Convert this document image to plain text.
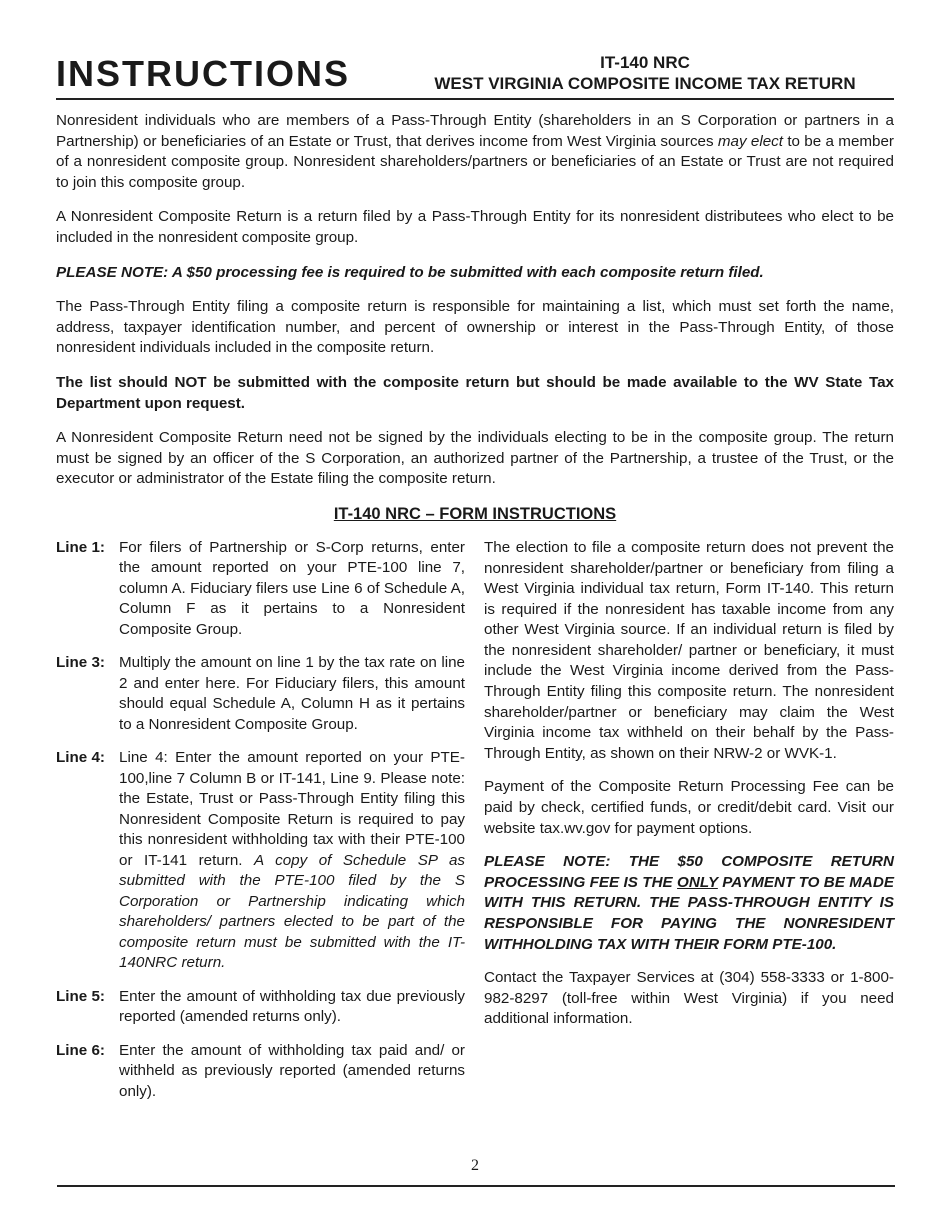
INSTRUCTIONS	IT-140 NRC
WEST VIRGINIA COMPOSITE INCOME TAX RETURN

Nonresident individuals who are members of a Pass-Through Entity (shareholders in an S Corporation or partners in a Partnership) or beneficiaries of an Estate or Trust, that derives income from West Virginia sources may elect to be a member of a nonresident composite group. Nonresident shareholders/partners or beneficiaries of an Estate or Trust are not required to join this composite group.

A Nonresident Composite Return is a return filed by a Pass-Through Entity for its nonresident distributees who elect to be included in the nonresident composite group.

PLEASE NOTE: A $50 processing fee is required to be submitted with each composite return filed.

The Pass-Through Entity filing a composite return is responsible for maintaining a list, which must set forth the name, address, taxpayer identification number, and percent of ownership or interest in the Pass-Through Entity, of those nonresident individuals included in the composite return.

The list should NOT be submitted with the composite return but should be made available to the WV State Tax Department upon request.

A Nonresident Composite Return need not be signed by the individuals electing to be in the composite group. The return must be signed by an officer of the S Corporation, an authorized partner of the Partnership, a trustee of the Trust, or the executor or administrator of the Estate filing the composite return.

IT-140 NRC – FORM INSTRUCTIONS
Line 1: For filers of Partnership or S-Corp returns, enter the amount reported on your PTE-100 line 7, column A. Fiduciary filers use Line 6 of Schedule A, Column F as it pertains to a Nonresident Composite Group.
Line 3: Multiply the amount on line 1 by the tax rate on line 2 and enter here. For Fiduciary filers, this amount should equal Schedule A, Column H as it pertains to a Nonresident Composite Group.
Line 4: Line 4: Enter the amount reported on your PTE-100,line 7 Column B or IT-141, Line 9. Please note: the Estate, Trust or Pass-Through Entity filing this Nonresident Composite Return is required to pay this nonresident withholding tax with their PTE-100 or IT-141 return. A copy of Schedule SP as submitted with the PTE-100 filed by the S Corporation or Partnership indicating which shareholders/ partners elected to be part of the composite return must be submitted with the IT-140NRC return.
Line 5: Enter the amount of withholding tax due previously reported (amended returns only).
Line 6: Enter the amount of withholding tax paid and/ or withheld as previously reported (amended returns only).

The election to file a composite return does not prevent the nonresident shareholder/partner or beneficiary from filing a West Virginia individual tax return, Form IT-140. This return is required if the nonresident has taxable income from any other West Virginia source. If an individual return is filed by the nonresident shareholder/ partner or beneficiary, it must include the West Virginia income derived from the Pass-Through Entity filing this composite return. The nonresident shareholder/partner or beneficiary may claim the West Virginia income tax withheld on their behalf by the Pass-Through Entity, as shown on their NRW-2 or WVK-1.

Payment of the Composite Return Processing Fee can be paid by check, certified funds, or credit/debit card. Visit our website tax.wv.gov for payment options.

PLEASE NOTE: THE $50 COMPOSITE RETURN PROCESSING FEE IS THE ONLY PAYMENT TO BE MADE WITH THIS RETURN. THE PASS-THROUGH ENTITY IS RESPONSIBLE FOR PAYING THE NONRESIDENT WITHHOLDING TAX WITH THEIR FORM PTE-100.

Contact the Taxpayer Services at (304) 558-3333 or 1-800-982-8297 (toll-free within West Virginia) if you need additional information.

2
